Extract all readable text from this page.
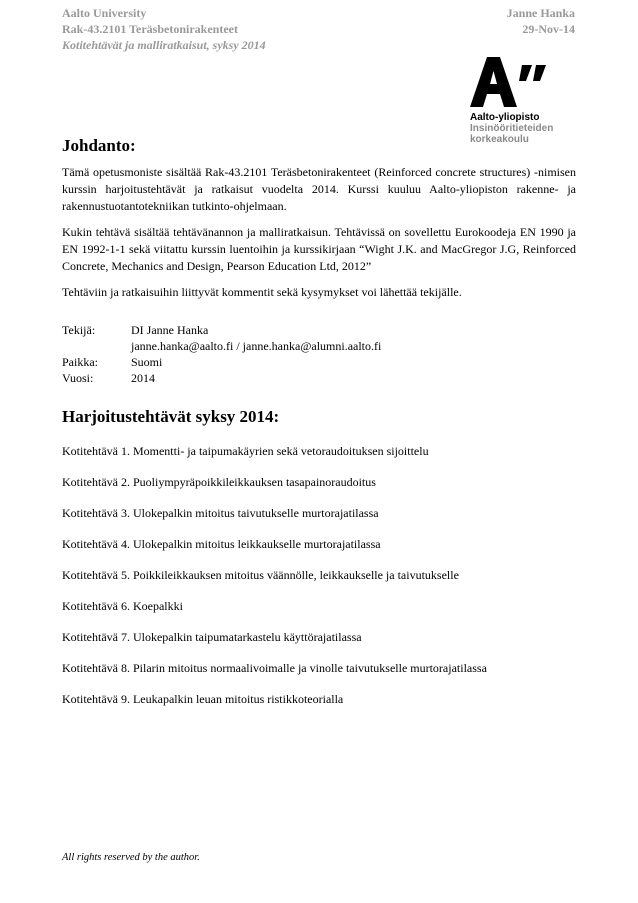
Aalto University
Rak-43.2101 Teräsbetonirakenteet
Kotitehtävät ja malliratkaisut, syksy 2014
Janne Hanka
29-Nov-14
Aalto-yliopisto
Insinööritieteiden
korkeakoulu
Johdanto:

Tämä opetusmoniste sisältää Rak-43.2101 Teräsbetonirakenteet (Reinforced concrete structures) -nimisen kurssin harjoitustehtävät ja ratkaisut vuodelta 2014. Kurssi kuuluu Aalto-yliopiston rakenne- ja rakennustuotantotekniikan tutkinto-ohjelmaan.

Kukin tehtävä sisältää tehtävänannon ja malliratkaisun. Tehtävissä on sovellettu Eurokoodeja EN 1990 ja EN 1992-1-1 sekä viitattu kurssin luentoihin ja kurssikirjaan “Wight J.K. and MacGregor J.G, Reinforced Concrete, Mechanics and Design, Pearson Education Ltd, 2012”

Tehtäviin ja ratkaisuihin liittyvät kommentit sekä kysymykset voi lähettää tekijälle.

Tekijä:	DI Janne Hanka
janne.hanka@aalto.fi / janne.hanka@alumni.aalto.fi
Paikka:	Suomi
Vuosi:	2014
Harjoitustehtävät syksy 2014:
Kotitehtävä 1. Momentti- ja taipumakäyrien sekä vetoraudoituksen sijoittelu
Kotitehtävä 2. Puoliympyräpoikkileikkauksen tasapainoraudoitus
Kotitehtävä 3. Ulokepalkin mitoitus taivutukselle murtorajatilassa
Kotitehtävä 4. Ulokepalkin mitoitus leikkaukselle murtorajatilassa
Kotitehtävä 5. Poikkileikkauksen mitoitus väännölle, leikkaukselle ja taivutukselle
Kotitehtävä 6. Koepalkki
Kotitehtävä 7. Ulokepalkin taipumatarkastelu käyttörajatilassa
Kotitehtävä 8. Pilarin mitoitus normaalivoimalle ja vinolle taivutukselle murtorajatilassa
Kotitehtävä 9. Leukapalkin leuan mitoitus ristikkoteorialla
All rights reserved by the author.
